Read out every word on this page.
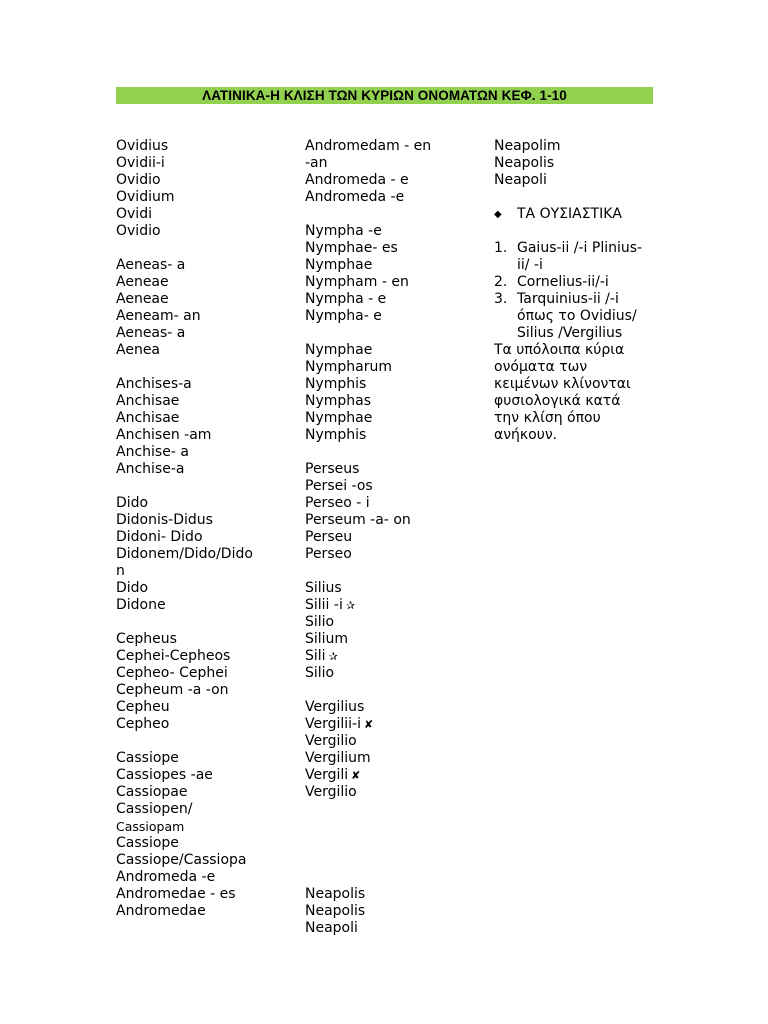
ΛΑΤΙΝΙΚΑ-Η ΚΛΙΣΗ ΤΩΝ ΚΥΡΙΩΝ ΟΝΟΜΑΤΩΝ ΚΕΦ. 1-10
Ovidius
Ovidii-i
Ovidio
Ovidium
Ovidi
Ovidio
Aeneas- a
Aeneae
Aeneae
Aeneam- an
Aeneas- a
Aenea
Anchises-a
Anchisae
Anchisae
Anchisen -am
Anchise- a
Anchise-a
Dido
Didonis-Didus
Didoni- Dido
Didonem/Dido/Dido
n
Dido
Didone
Cepheus
Cephei-Cepheos
Cepheo- Cephei
Cepheum -a -on
Cepheu
Cepheo
Cassiope
Cassiopes -ae
Cassiopae
Cassiopen/
Cassiopam
Cassiope
Cassiope/Cassiopa
Andromeda -e
Andromedae - es
Andromedae
Andromedam - en
-an
Andromeda - e
Andromeda -e
Nympha -e
Nymphae- es
Nymphae
Nympham - en
Nympha - e
Nympha- e
Nymphae
Nympharum
Nymphis
Nymphas
Nymphae
Nymphis
Perseus
Persei -os
Perseo - i
Perseum -a- on
Perseu
Perseo
Silius
Silii -i ✰
Silio
Silium
Sili ✰
Silio
Vergilius
Vergilii-i ✘
Vergilio
Vergilium
Vergili ✘
Vergilio
Neapolis
Neapolis
Neapoli
Neapolim
Neapolis
Neapoli
◆	ΤΑ ΟΥΣΙΑΣΤΙΚΑ
1. Gaius-ii /-i Plinius-ii/ -i
2. Cornelius-ii/-i
3. Tarquinius-ii /-i όπως το Ovidius/ Silius /Vergilius
Τα υπόλοιπα κύρια ονόματα των κειμένων κλίνονται φυσιολογικά κατά την κλίση όπου ανήκουν.
